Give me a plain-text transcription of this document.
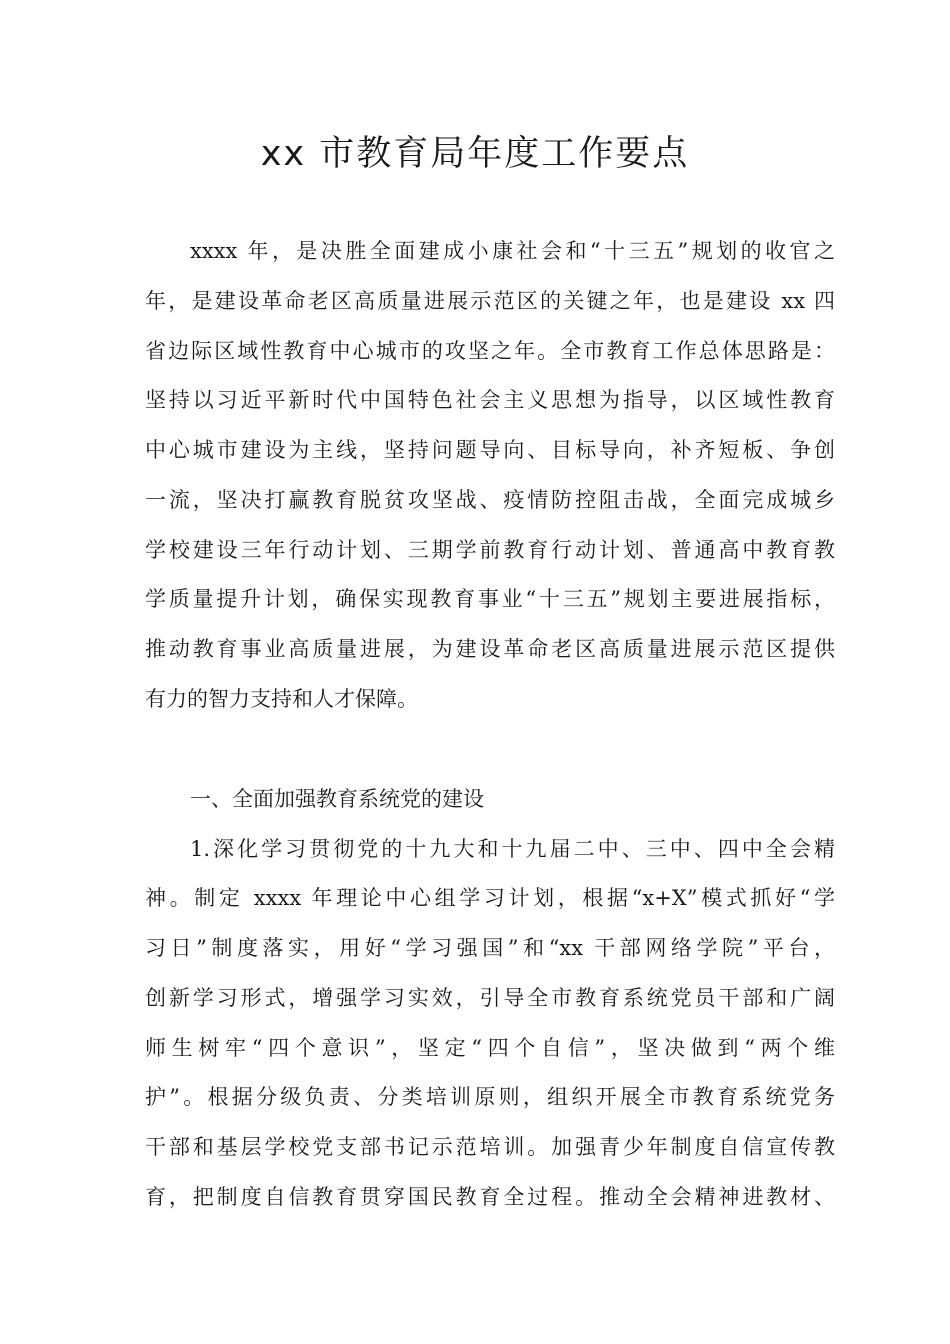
xx 市教育局年度工作要点

xxxx 年，是决胜全面建成小康社会和“十三五”规划的收官之

年，是建设革命老区高质量进展示范区的关键之年，也是建设 xx 四

省边际区域性教育中心城市的攻坚之年。全市教育工作总体思路是：

坚持以习近平新时代中国特色社会主义思想为指导，以区域性教育

中心城市建设为主线，坚持问题导向、目标导向，补齐短板、争创

一流，坚决打赢教育脱贫攻坚战、疫情防控阻击战，全面完成城乡

学校建设三年行动计划、三期学前教育行动计划、普通高中教育教

学质量提升计划，确保实现教育事业“十三五”规划主要进展指标，

推动教育事业高质量进展，为建设革命老区高质量进展示范区提供

有力的智力支持和人才保障。

一、全面加强教育系统党的建设

1.深化学习贯彻党的十九大和十九届二中、三中、四中全会精

神。制定 xxxx 年理论中心组学习计划，根据“x+X”模式抓好“学

习日”制度落实，用好“学习强国”和“xx 干部网络学院”平台，

创新学习形式，增强学习实效，引导全市教育系统党员干部和广阔

师生树牢“四个意识”，坚定“四个自信”，坚决做到“两个维

护”。根据分级负责、分类培训原则，组织开展全市教育系统党务

干部和基层学校党支部书记示范培训。加强青少年制度自信宣传教

育，把制度自信教育贯穿国民教育全过程。推动全会精神进教材、
